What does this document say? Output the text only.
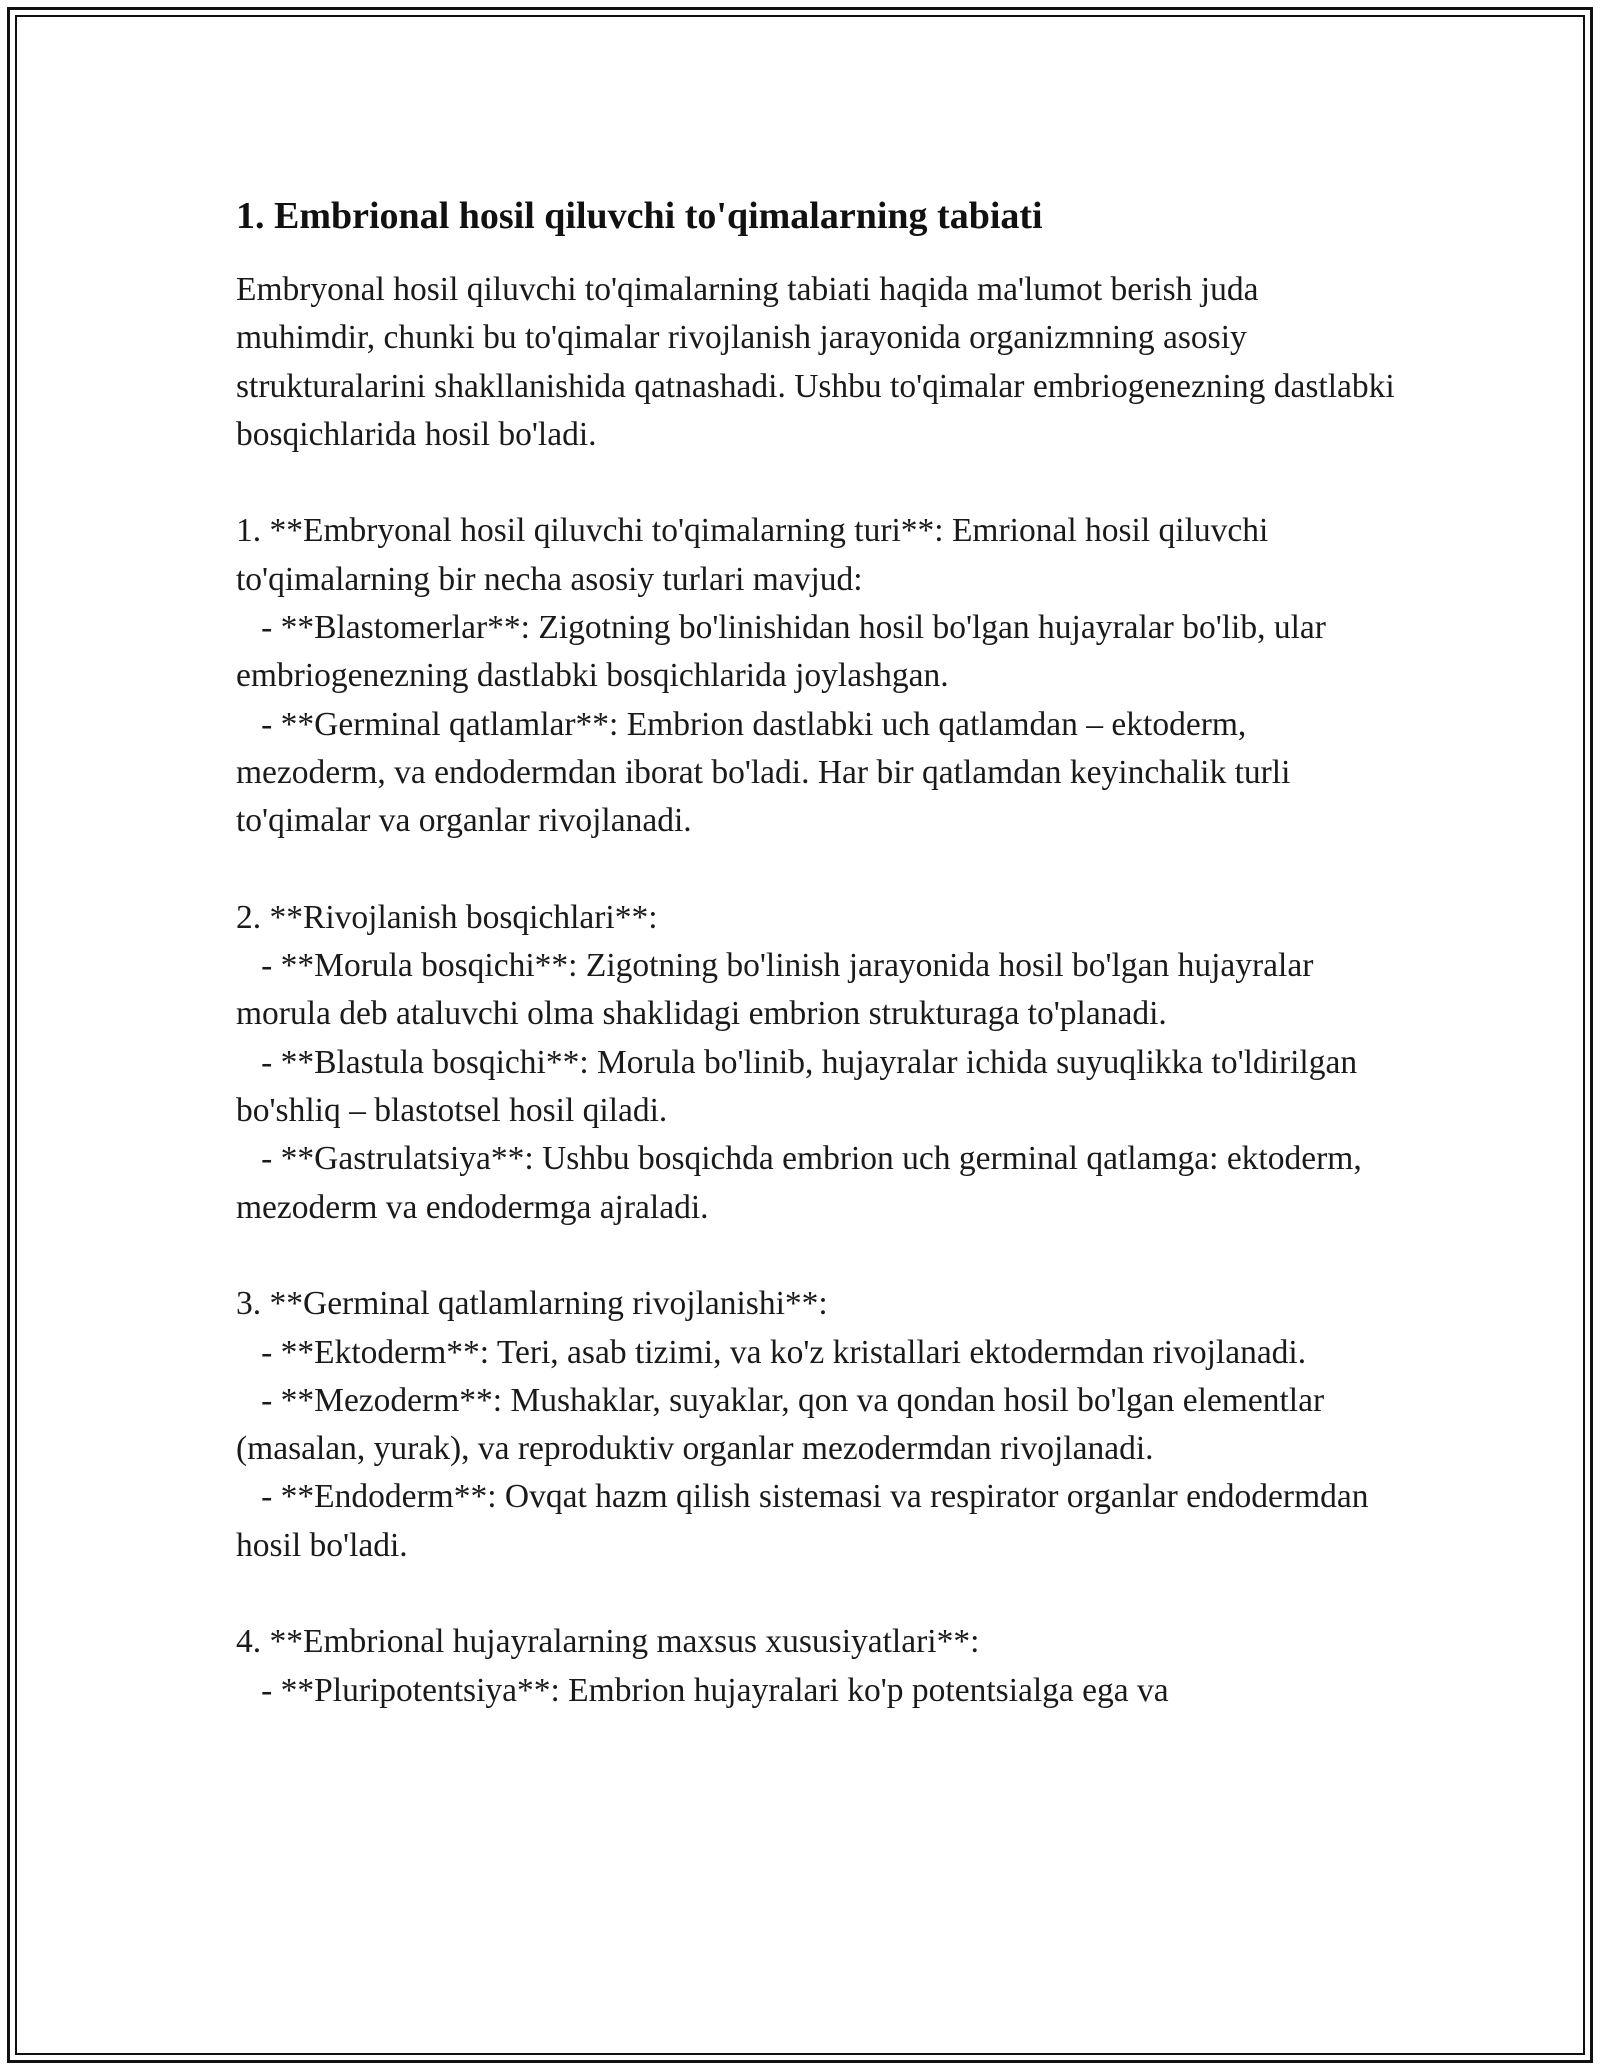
1. Embrional hosil qiluvchi to'qimalarning tabiati

Embryonal hosil qiluvchi to'qimalarning tabiati haqida ma'lumot berish juda muhimdir, chunki bu to'qimalar rivojlanish jarayonida organizmning asosiy strukturalarini shakllanishida qatnashadi. Ushbu to'qimalar embriogenezning dastlabki bosqichlarida hosil bo'ladi.

1. **Embryonal hosil qiluvchi to'qimalarning turi**: Emrional hosil qiluvchi to'qimalarning bir necha asosiy turlari mavjud:

- **Blastomerlar**: Zigotning bo'linishidan hosil bo'lgan hujayralar bo'lib, ular embriogenezning dastlabki bosqichlarida joylashgan.

- **Germinal qatlamlar**: Embrion dastlabki uch qatlamdan – ektoderm, mezoderm, va endodermdan iborat bo'ladi. Har bir qatlamdan keyinchalik turli to'qimalar va organlar rivojlanadi.

2. **Rivojlanish bosqichlari**:

- **Morula bosqichi**: Zigotning bo'linish jarayonida hosil bo'lgan hujayralar morula deb ataluvchi olma shaklidagi embrion strukturaga to'planadi.

- **Blastula bosqichi**: Morula bo'linib, hujayralar ichida suyuqlikka to'ldirilgan bo'shliq – blastotsel hosil qiladi.

- **Gastrulatsiya**: Ushbu bosqichda embrion uch germinal qatlamga: ektoderm, mezoderm va endodermga ajraladi.

3. **Germinal qatlamlarning rivojlanishi**:

- **Ektoderm**: Teri, asab tizimi, va ko'z kristallari ektodermdan rivojlanadi.

- **Mezoderm**: Mushaklar, suyaklar, qon va qondan hosil bo'lgan elementlar (masalan, yurak), va reproduktiv organlar mezodermdan rivojlanadi.

- **Endoderm**: Ovqat hazm qilish sistemasi va respirator organlar endodermdan hosil bo'ladi.

4. **Embrional hujayralarning maxsus xususiyatlari**:

- **Pluripotentsiya**: Embrion hujayralari ko'p potentsialga ega va
